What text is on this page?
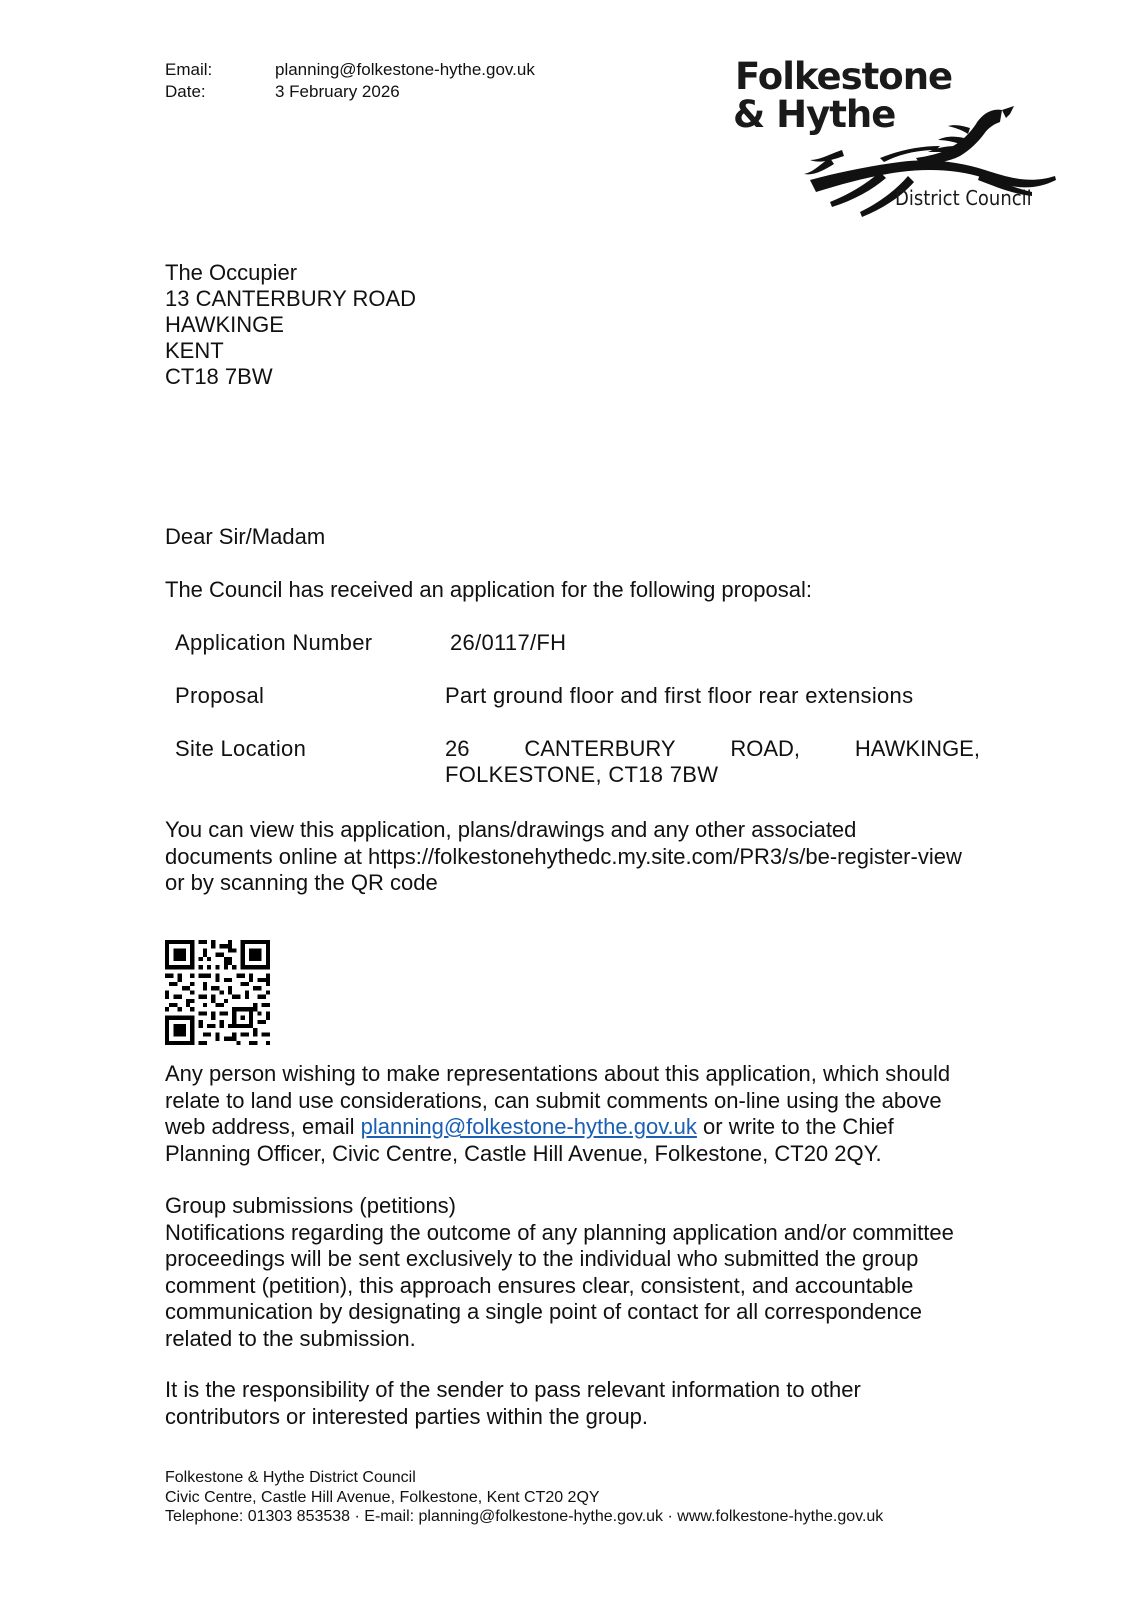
Email:	planning@folkestone-hythe.gov.uk
Date:	3 February 2026	Folkestone
& Hythe
District Council
The Occupier
13 CANTERBURY ROAD
HAWKINGE
KENT
CT18 7BW
Dear Sir/Madam
The Council has received an application for the following proposal:
Application Number	26/0117/FH
Proposal	Part ground floor and first floor rear extensions
Site Location	26 CANTERBURY ROAD, HAWKINGE,
FOLKESTONE, CT18 7BW
You can view this application, plans/drawings and any other associated
documents online at https://folkestonehythedc.my.site.com/PR3/s/be-register-view
or by scanning the QR code
Any person wishing to make representations about this application, which should
relate to land use considerations, can submit comments on-line using the above
web address, email planning@folkestone-hythe.gov.uk or write to the Chief
Planning Officer, Civic Centre, Castle Hill Avenue, Folkestone, CT20 2QY.
Group submissions (petitions)
Notifications regarding the outcome of any planning application and/or committee
proceedings will be sent exclusively to the individual who submitted the group
comment (petition), this approach ensures clear, consistent, and accountable
communication by designating a single point of contact for all correspondence
related to the submission.
It is the responsibility of the sender to pass relevant information to other
contributors or interested parties within the group.
Folkestone & Hythe District Council
Civic Centre, Castle Hill Avenue, Folkestone, Kent CT20 2QY
Telephone: 01303 853538 · E-mail: planning@folkestone-hythe.gov.uk · www.folkestone-hythe.gov.uk
